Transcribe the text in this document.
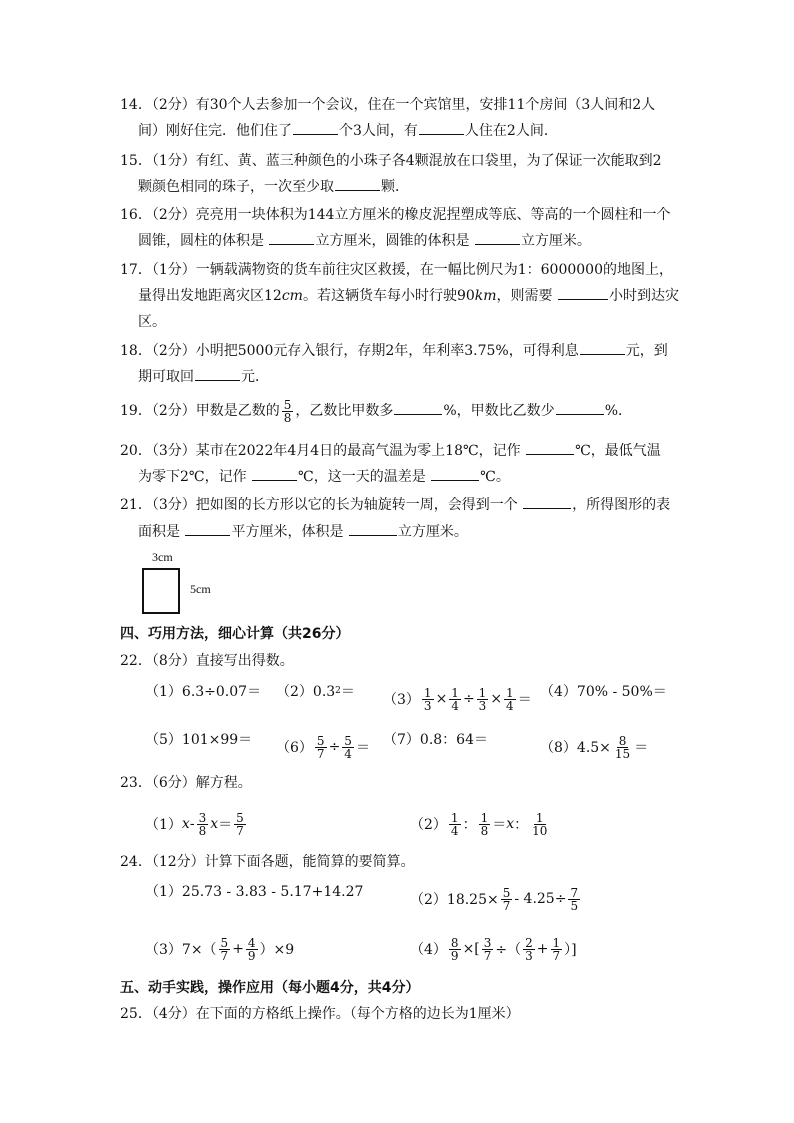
14．（2分）有30个人去参加一个会议，住在一个宾馆里，安排11个房间（3人间和2人
间）刚好住完．他们住了	个3人间，有	人住在2人间．
15．（1分）有红、黄、蓝三种颜色的小珠子各4颗混放在口袋里，为了保证一次能取到2
颗颜色相同的珠子，一次至少取	颗．
16．（2分）亮亮用一块体积为144立方厘米的橡皮泥捏塑成等底、等高的一个圆柱和一个
圆锥，圆柱的体积是	立方厘米，圆锥的体积是	立方厘米。
17．（1分）一辆载满物资的货车前往灾区救援，在一幅比例尺为1：6000000的地图上，
量得出发地距离灾区12cm。若这辆货车每小时行驶90km，则需要	小时到达灾
区。
18．（2分）小明把5000元存入银行，存期2年，年利率3.75%，可得利息	元，到
期可取回	元．
19．（2分）甲数是乙数的 $\frac{5}{8}$ ，乙数比甲数多	%，甲数比乙数少	%．
20．（3分）某市在2022年4月4日的最高气温为零上18℃，记作	℃，最低气温
为零下2℃，记作	℃，这一天的温差是	℃。
21．（3分）把如图的长方形以它的长为轴旋转一周，会得到一个	，所得图形的表
面积是	平方厘米，体积是	立方厘米。
3cm
5cm
四、巧用方法，细心计算（共26分）
22．（8分）直接写出得数。
（1）6.3÷0.07＝ （2）0.3 $2 = (3) \frac{1}{3} \times \frac{1}{4} \div \frac{1}{3} \times \frac{1}{4} = (4)70\% - 50\%=$
$(5)101\times 99= (6) \frac{5}{7} \div \frac{5}{4} = (7)0.8$：64＝	$(8)4.5\times \frac{8}{15}$ ＝
23．（6分）解方程。
（1） x - $\frac{3}{8}$ $x = \frac{5}{7}$	$(2) \frac{1}{4}$ ： $\frac{1}{8} = x$ ： $\frac{1}{10}$
24．（12分）计算下面各题，能简算的要简算。
（1）25.73 - 3.83 - 5.17+14.27	$(2)18.25\times \frac{5}{7} - 4.25\div \frac{7}{5}$
$(3)7\times( \frac{5}{7} + \frac{4}{9} )\times 9$	$(4) \frac{8}{9}$ ×[ $\frac{3}{7}$ ÷（ $\frac{2}{3} + \frac{1}{7}$ ）]
五、动手实践，操作应用（每小题4分，共4分）
25．（4分）在下面的方格纸上操作。（每个方格的边长为1厘米）
